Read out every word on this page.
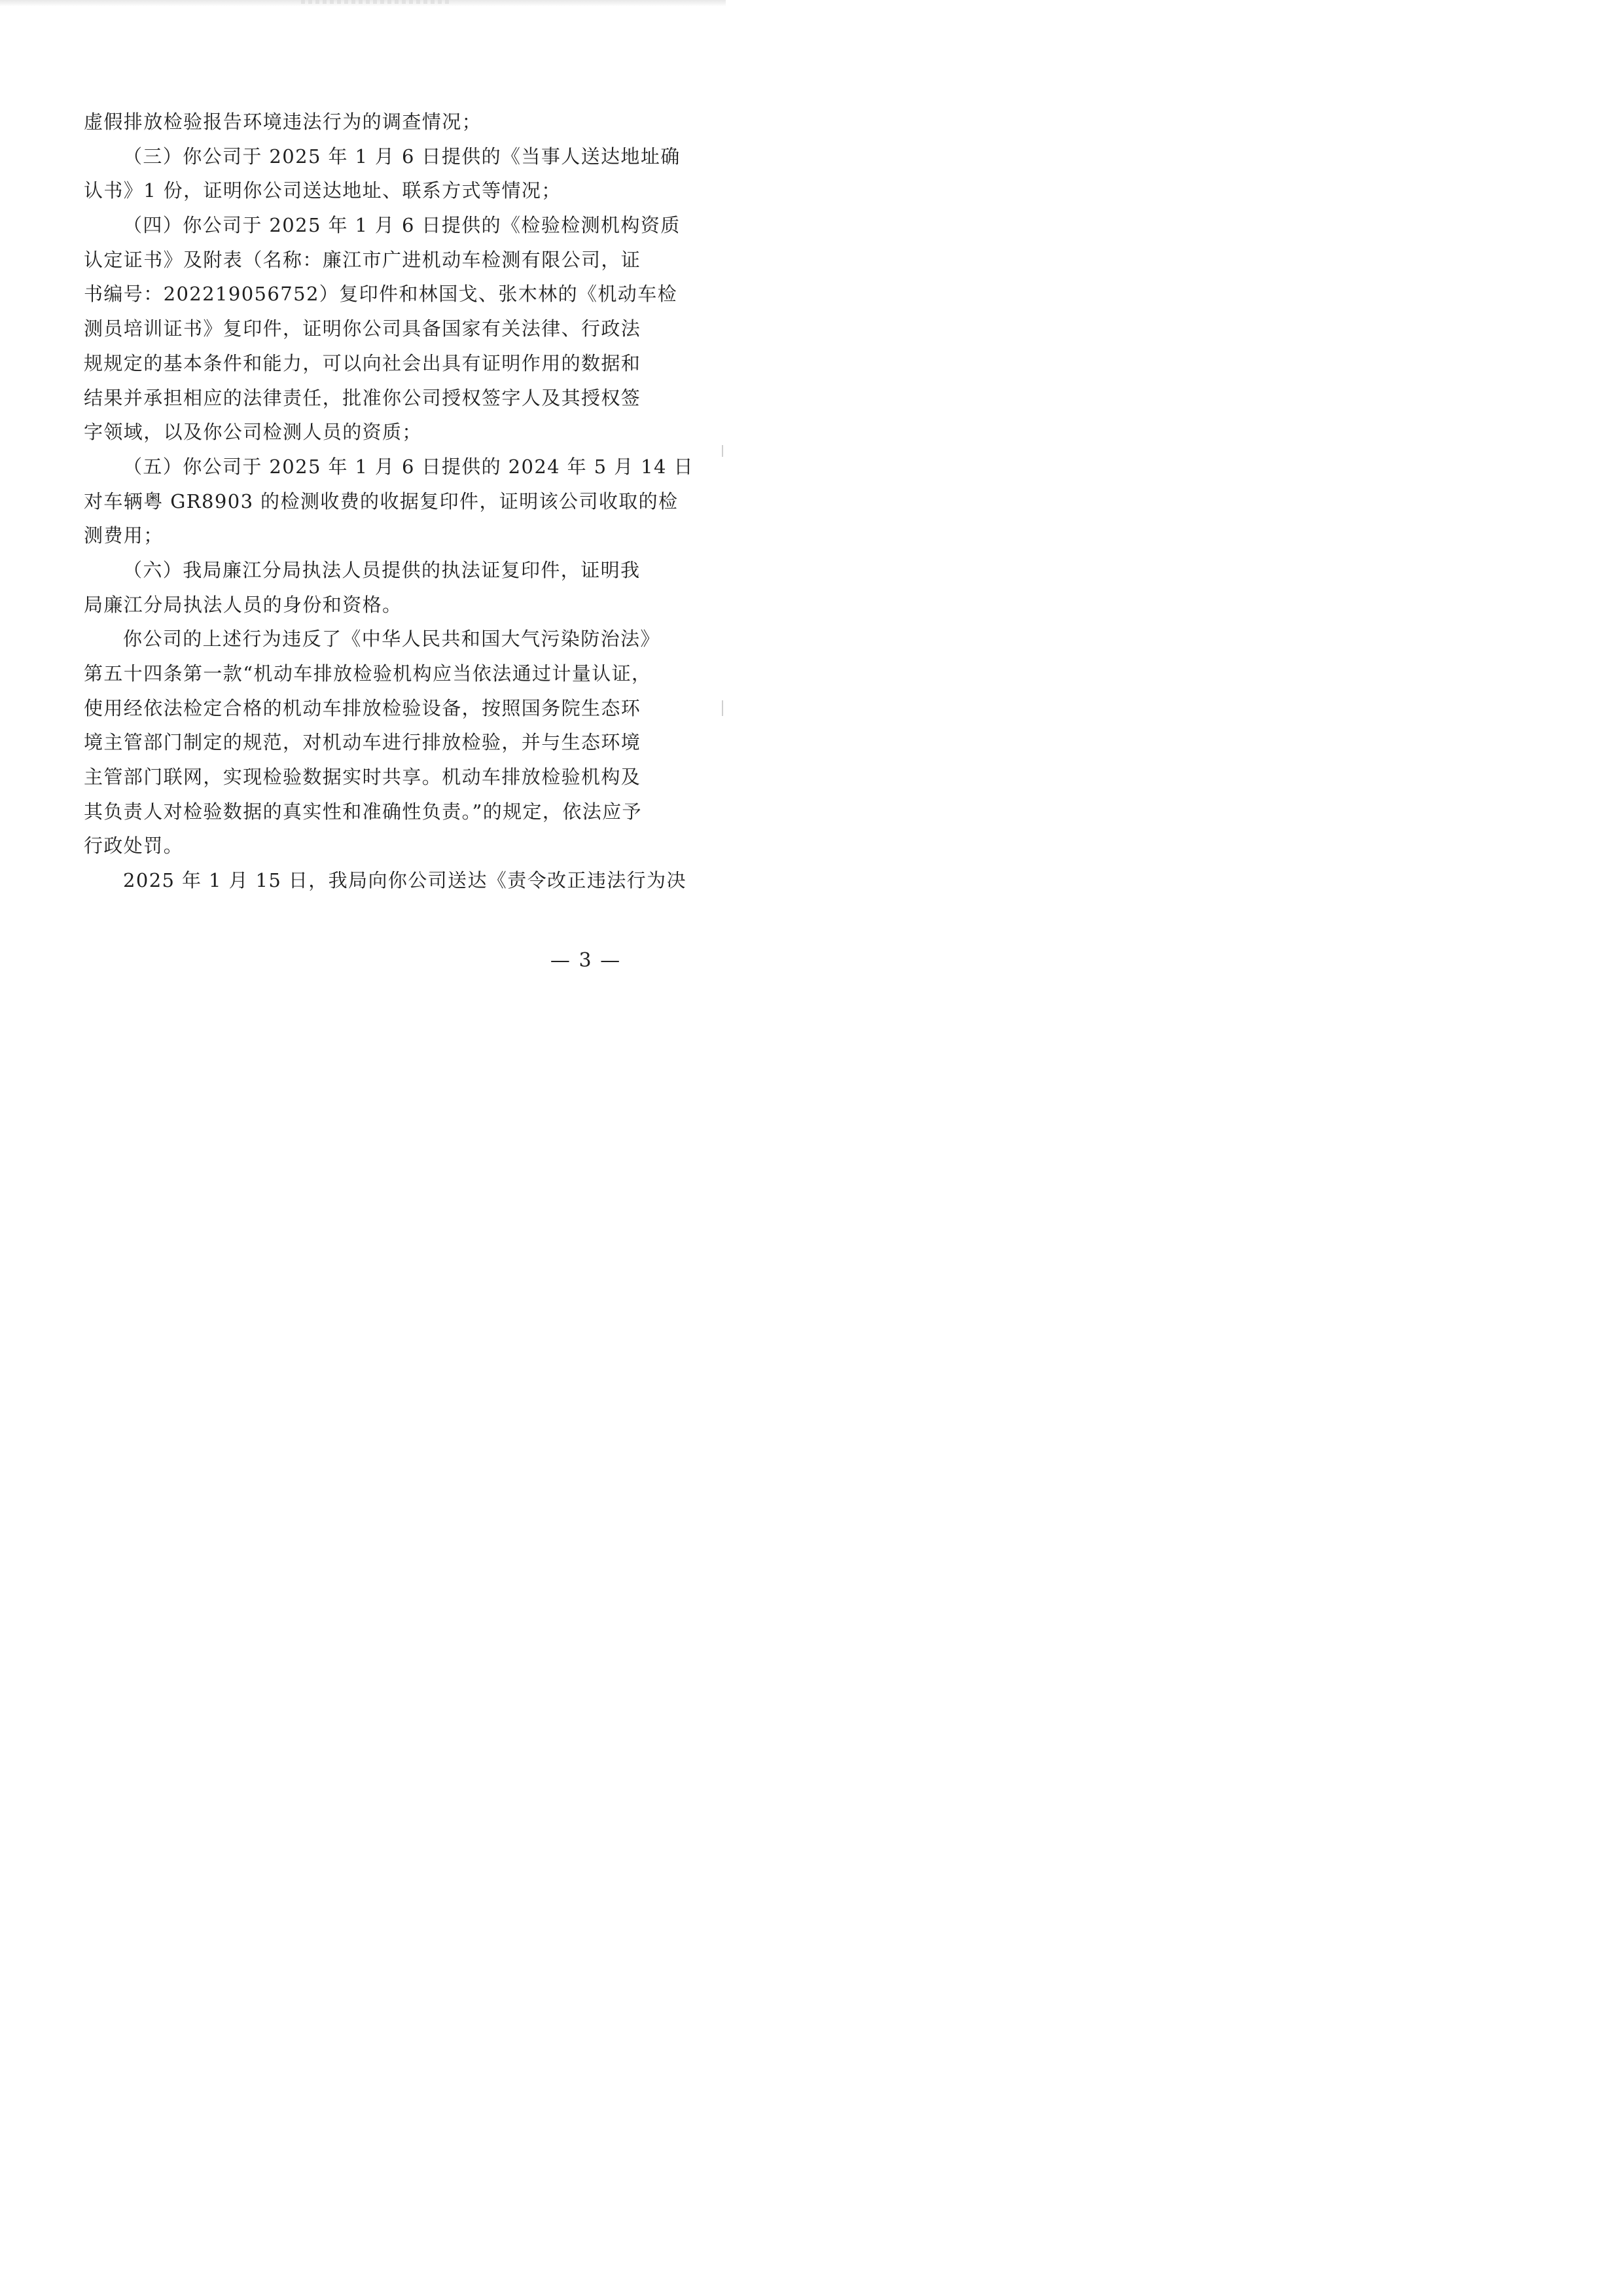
虚假排放检验报告环境违法行为的调查情况；
（三）你公司于 2025 年 1 月 6 日提供的《当事人送达地址确
认书》1 份，证明你公司送达地址、联系方式等情况；
（四）你公司于 2025 年 1 月 6 日提供的《检验检测机构资质
认定证书》及附表（名称：廉江市广进机动车检测有限公司，证
书编号：202219056752）复印件和林国戈、张木林的《机动车检
测员培训证书》复印件，证明你公司具备国家有关法律、行政法
规规定的基本条件和能力，可以向社会出具有证明作用的数据和
结果并承担相应的法律责任，批准你公司授权签字人及其授权签
字领域，以及你公司检测人员的资质；
（五）你公司于 2025 年 1 月 6 日提供的 2024 年 5 月 14 日
对车辆粤 GR8903 的检测收费的收据复印件，证明该公司收取的检
测费用；
（六）我局廉江分局执法人员提供的执法证复印件，证明我
局廉江分局执法人员的身份和资格。
你公司的上述行为违反了《中华人民共和国大气污染防治法》
第五十四条第一款“机动车排放检验机构应当依法通过计量认证，
使用经依法检定合格的机动车排放检验设备，按照国务院生态环
境主管部门制定的规范，对机动车进行排放检验，并与生态环境
主管部门联网，实现检验数据实时共享。机动车排放检验机构及
其负责人对检验数据的真实性和准确性负责。”的规定，依法应予
行政处罚。
2025 年 1 月 15 日，我局向你公司送达《责令改正违法行为决
— 3 —
